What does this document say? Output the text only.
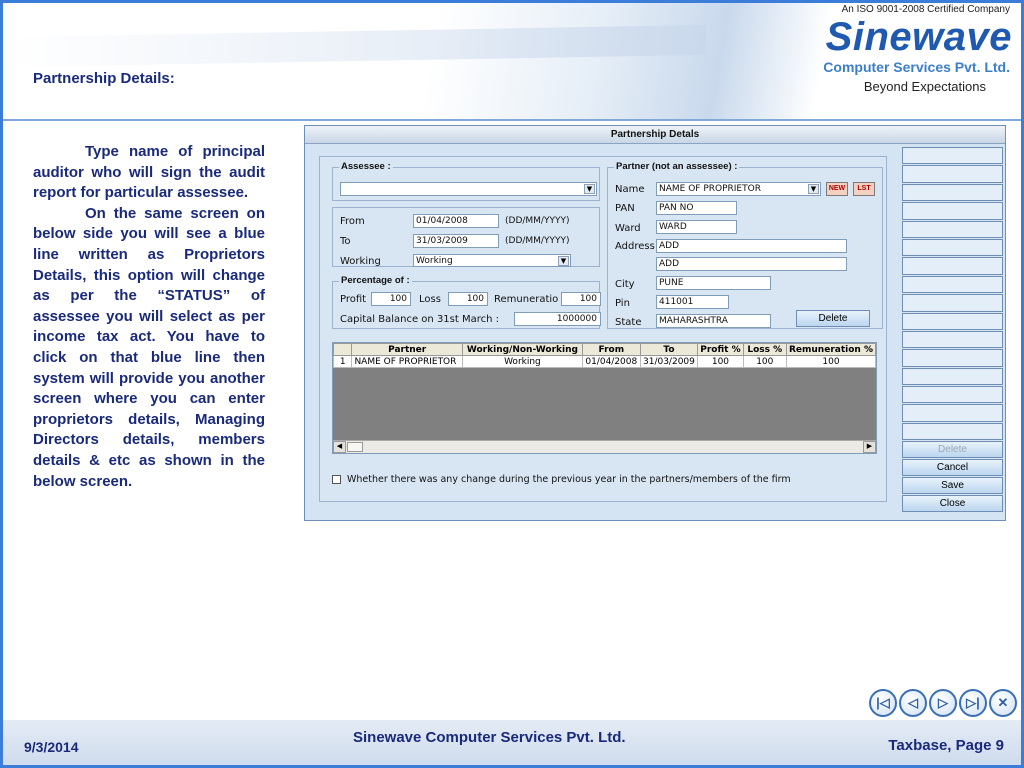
Partnership Details:
An ISO 9001-2008 Certified Company
Sinewave
Computer Services Pvt. Ltd.
Beyond Expectations

Type name of principal auditor who will sign the audit report for particular assessee.

On the same screen on below side you will see a blue line written as Proprietors Details, this option will change as per the “STATUS” of assessee you will select as per income tax act. You have to click on that blue line then system will provide you another screen where you can enter proprietors details, Managing Directors details, members details & etc as shown in the below screen.

Partnership Detals
Assessee :
▼
From	01/04/2008	(DD/MM/YYYY)
To	31/03/2009	(DD/MM/YYYY)
Working	Working	▼
Percentage of :
Profit	100	Loss	100	Remuneratio	100
Capital Balance on 31st March :	1000000
Partner (not an assessee) :
Name	NAME OF PROPRIETOR	▼	NEW	LST
PAN	PAN NO
Ward	WARD
Address ADD
ADD
City	PUNE
Pin	411001
State	MAHARASHTRA	Delete
	Partner	Working/Non-Working	From	To	Profit %	Loss %	Remuneration %
1	NAME OF PROPRIETOR	Working	01/04/2008	31/03/2009	100	100	100
◀	▶
Whether there was any change during the previous year in the partners/members of the firm
Delete
Cancel
Save
Close
|◁	◁	▷	▷|	✕
9/3/2014
Sinewave Computer Services Pvt. Ltd.	Taxbase, Page 9
